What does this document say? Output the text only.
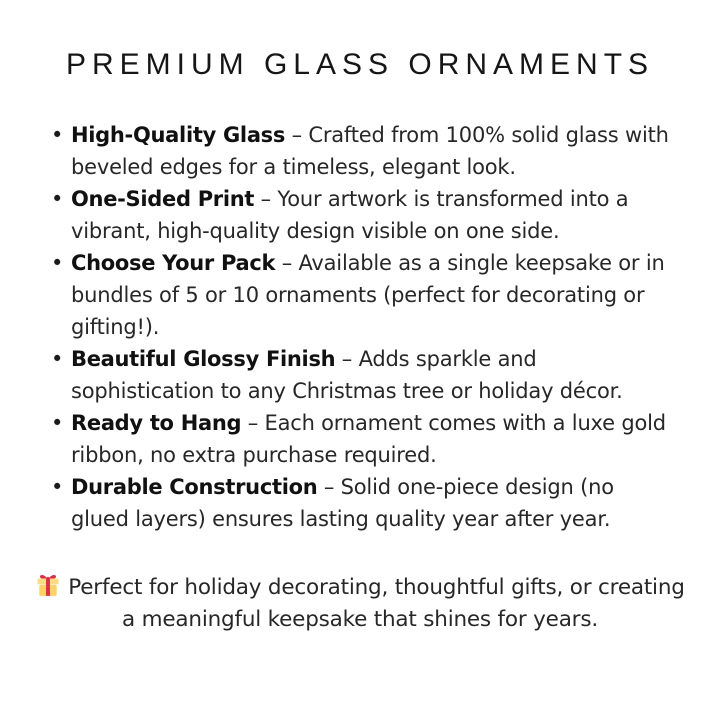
PREMIUM GLASS ORNAMENTS
• High-Quality Glass – Crafted from 100% solid glass with beveled edges for a timeless, elegant look.
• One-Sided Print – Your artwork is transformed into a vibrant, high-quality design visible on one side.
• Choose Your Pack – Available as a single keepsake or in bundles of 5 or 10 ornaments (perfect for decorating or gifting!).
• Beautiful Glossy Finish – Adds sparkle and sophistication to any Christmas tree or holiday décor.
• Ready to Hang – Each ornament comes with a luxe gold ribbon, no extra purchase required.
• Durable Construction – Solid one-piece design (no glued layers) ensures lasting quality year after year.

Perfect for holiday decorating, thoughtful gifts, or creating a meaningful keepsake that shines for years.
